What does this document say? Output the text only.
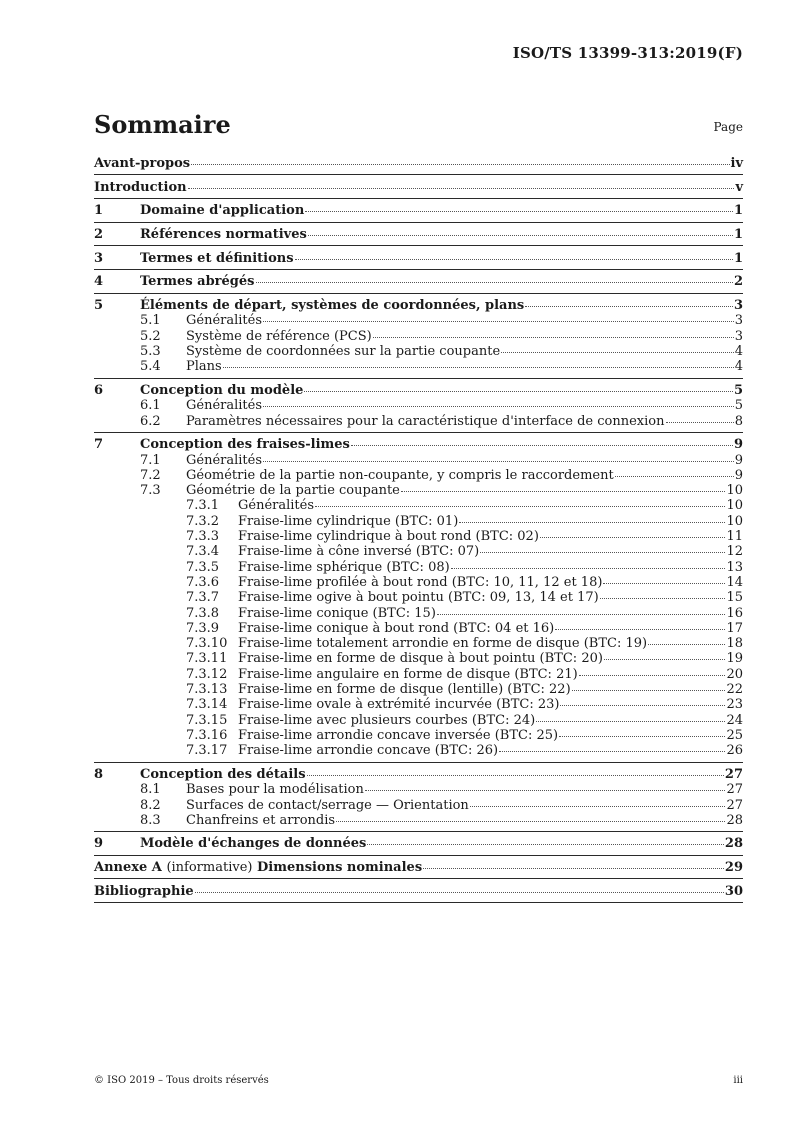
ISO/TS 13399-313:2019(F)
Sommaire	Page
Avant-propos	iv
Introduction	v
1	Domaine d'application	1
2	Références normatives	1
3	Termes et définitions	1
4	Termes abrégés	2
5	Éléments de départ, systèmes de coordonnées, plans	3
5.1	Généralités	3
5.2	Système de référence (PCS)	3
5.3	Système de coordonnées sur la partie coupante	4
5.4	Plans	4
6	Conception du modèle	5
6.1	Généralités	5
6.2	Paramètres nécessaires pour la caractéristique d'interface de connexion	8
7	Conception des fraises-limes	9
7.1	Généralités	9
7.2	Géométrie de la partie non-coupante, y compris le raccordement	9
7.3	Géométrie de la partie coupante	10
7.3.1	Généralités	10
7.3.2	Fraise-lime cylindrique (BTC: 01)	10
7.3.3	Fraise-lime cylindrique à bout rond (BTC: 02)	11
7.3.4	Fraise-lime à cône inversé (BTC: 07)	12
7.3.5	Fraise-lime sphérique (BTC: 08)	13
7.3.6	Fraise-lime profilée à bout rond (BTC: 10, 11, 12 et 18)	14
7.3.7	Fraise-lime ogive à bout pointu (BTC: 09, 13, 14 et 17)	15
7.3.8	Fraise-lime conique (BTC: 15)	16
7.3.9	Fraise-lime conique à bout rond (BTC: 04 et 16)	17
7.3.10 Fraise-lime totalement arrondie en forme de disque (BTC: 19)	18
7.3.11 Fraise-lime en forme de disque à bout pointu (BTC: 20)	19
7.3.12 Fraise-lime angulaire en forme de disque (BTC: 21)	20
7.3.13 Fraise-lime en forme de disque (lentille) (BTC: 22)	22
7.3.14 Fraise-lime ovale à extrémité incurvée (BTC: 23)	23
7.3.15 Fraise-lime avec plusieurs courbes (BTC: 24)	24
7.3.16 Fraise-lime arrondie concave inversée (BTC: 25)	25
7.3.17 Fraise-lime arrondie concave (BTC: 26)	26
8	Conception des détails	27
8.1	Bases pour la modélisation	27
8.2	Surfaces de contact/serrage — Orientation	27
8.3	Chanfreins et arrondis	28
9	Modèle d'échanges de données	28
Annexe A (informative) Dimensions nominales	29
Bibliographie	30
© ISO 2019 – Tous droits réservés	iii
